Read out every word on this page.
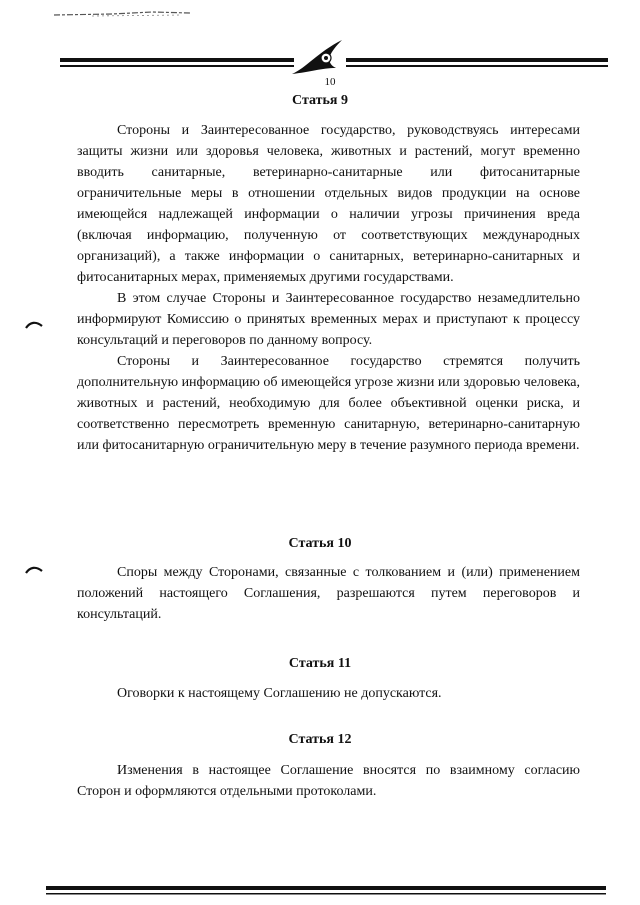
10
Статья 9

Стороны и Заинтересованное государство, руководствуясь интересами защиты жизни или здоровья человека, животных и растений, могут временно вводить санитарные, ветеринарно-санитарные или фитосанитарные ограничительные меры в отношении отдельных видов продукции на основе имеющейся надлежащей информации о наличии угрозы причинения вреда (включая информацию, полученную от соответствующих международных организаций), а также информации о санитарных, ветеринарно-санитарных и фитосанитарных мерах, применяемых другими государствами.

В этом случае Стороны и Заинтересованное государство незамедлительно информируют Комиссию о принятых временных мерах и приступают к процессу консультаций и переговоров по данному вопросу.

Стороны и Заинтересованное государство стремятся получить дополнительную информацию об имеющейся угрозе жизни или здоровью человека, животных и растений, необходимую для более объективной оценки риска, и соответственно пересмотреть временную санитарную, ветеринарно-санитарную или фитосанитарную ограничительную меру в течение разумного периода времени.

Статья 10

Споры между Сторонами, связанные с толкованием и (или) применением положений настоящего Соглашения, разрешаются путем переговоров и консультаций.

Статья 11

Оговорки к настоящему Соглашению не допускаются.

Статья 12

Изменения в настоящее Соглашение вносятся по взаимному согласию Сторон и оформляются отдельными протоколами.
